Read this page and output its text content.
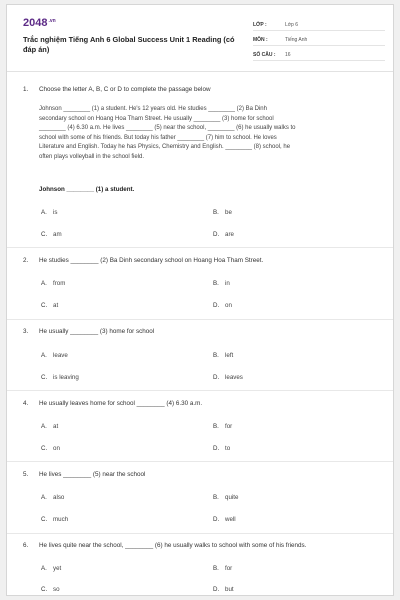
$2048^{.vn}$
Trắc nghiệm Tiếng Anh 6 Global Success Unit 1 Reading (có đáp án)
LỚP :	Lớp 6
MÔN :	Tiếng Anh
SỐ CÂU :	16
1. Choose the letter A, B, C or D to complete the passage below
Johnson ________ (1) a student. He's 12 years old. He studies ________ (2) Ba Dinh
secondary school on Hoang Hoa Tham Street. He usually ________ (3) home for school
________ (4) 6.30 a.m. He lives ________ (5) near the school, ________ (6) he usually walks to
school with some of his friends. But today his father ________ (7) him to school. He loves
Literature and English. Today he has Physics, Chemistry and English. ________ (8) school, he
often plays volleyball in the school field.
Johnson ________ (1) a student.
A. is	B. be
C. am	D. are
2. He studies ________ (2) Ba Dinh secondary school on Hoang Hoa Tham Street.
A. from	B. in
C. at	D. on
3. He usually ________ (3) home for school
A. leave	B. left
C. is leaving	D. leaves
4. He usually leaves home for school ________ (4) 6.30 a.m.
A. at	B. for
C. on	D. to
5. He lives ________ (5) near the school
A. also	B. quite
C. much	D. well
6. He lives quite near the school, ________ (6) he usually walks to school with some of his friends.
A. yet	B. for
C. so	D. but
